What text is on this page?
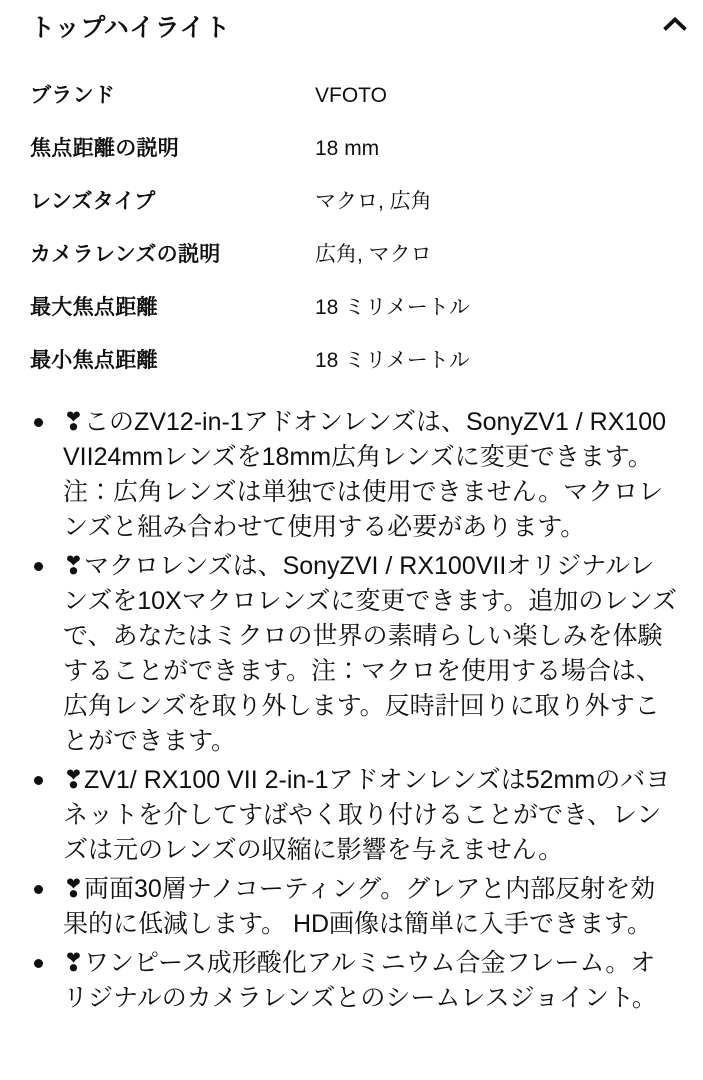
トップハイライト
ブランド	VFOTO
焦点距離の説明	18 mm
レンズタイプ	マクロ, 広角
カメラレンズの説明	広角, マクロ
最大焦点距離	18 ミリメートル
最小焦点距離	18 ミリメートル
❣このZV12-in-1アドオンレンズは、SonyZV1 / RX100 VII24mmレンズを18mm広角レンズに変更できます。注：広角レンズは単独では使用できません。マクロレンズと組み合わせて使用する必要があります。
❣マクロレンズは、SonyZVI / RX100VIIオリジナルレンズを10Xマクロレンズに変更できます。追加のレンズで、あなたはミクロの世界の素晴らしい楽しみを体験することができます。注：マクロを使用する場合は、広角レンズを取り外します。反時計回りに取り外すことができます。
❣ZV1/ RX100 VII 2-in-1アドオンレンズは52mmのバヨネットを介してすばやく取り付けることができ、レンズは元のレンズの収縮に影響を与えません。
❣両面30層ナノコーティング。グレアと内部反射を効果的に低減します。 HD画像は簡単に入手できます。
❣ワンピース成形酸化アルミニウム合金フレーム。オリジナルのカメラレンズとのシームレスジョイント。
